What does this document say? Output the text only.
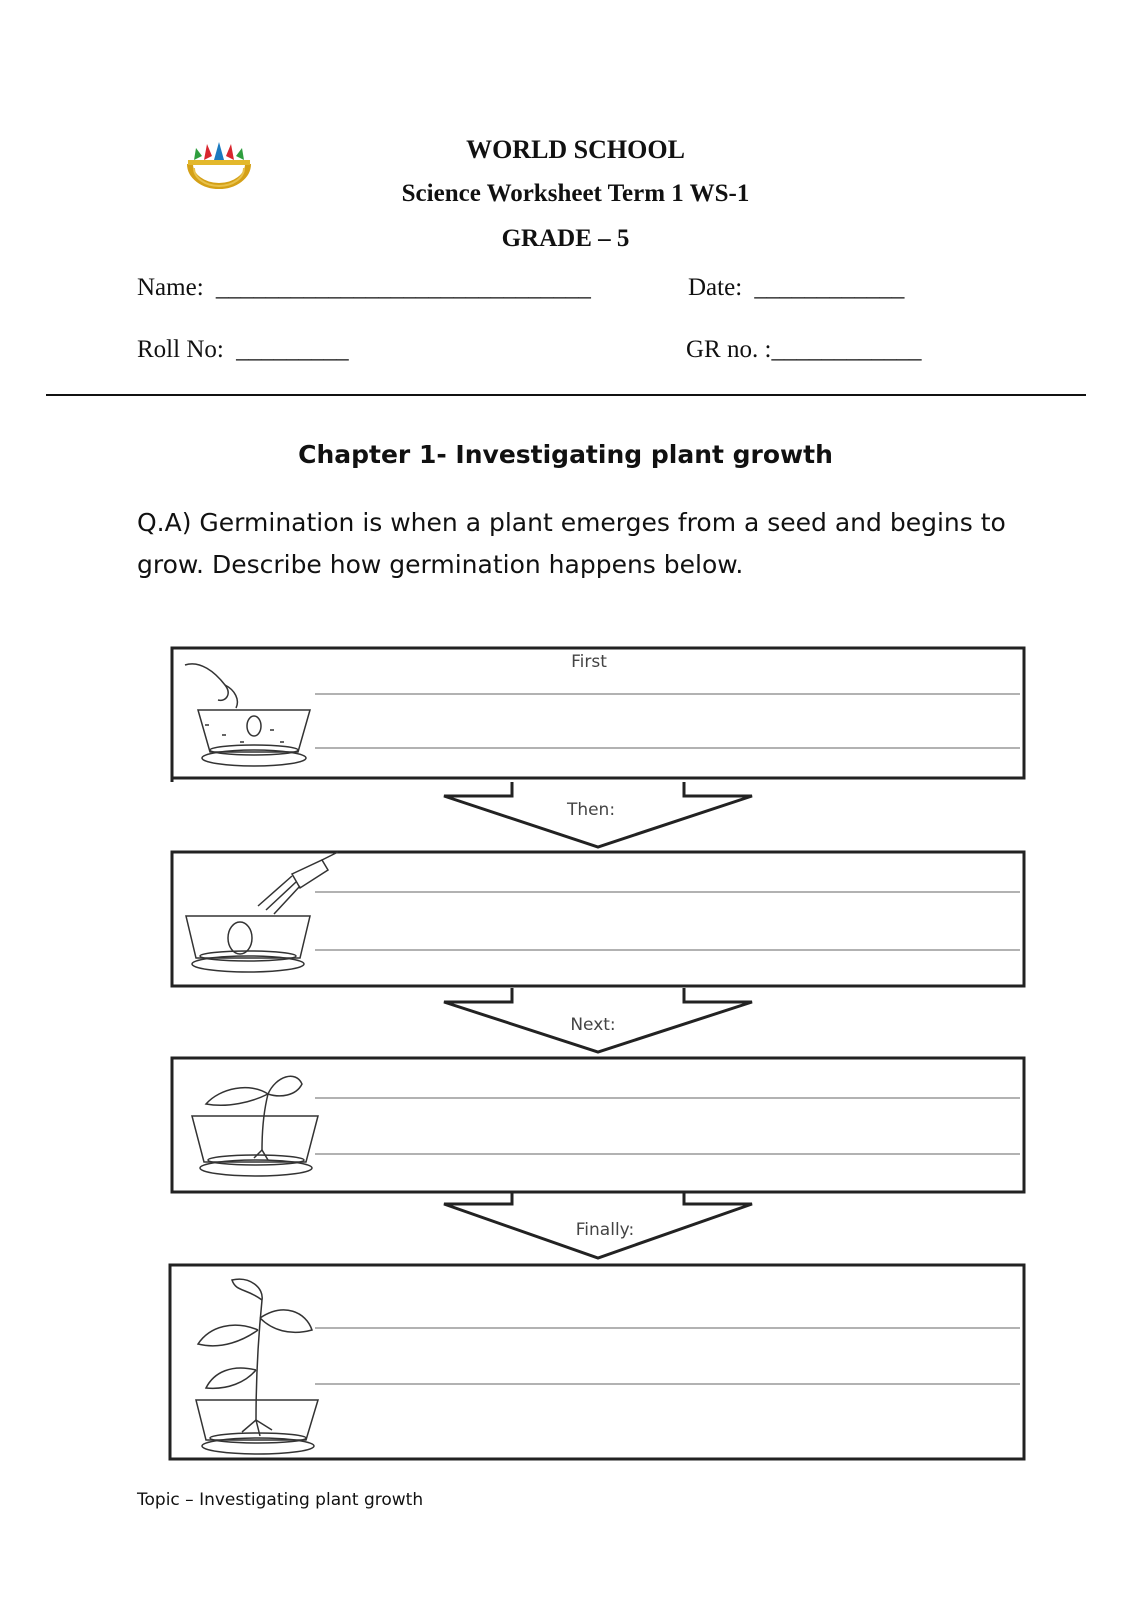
WORLD SCHOOL
Science Worksheet Term 1 WS-1
GRADE – 5
Name: ______________________________	Date: ____________
Roll No: _________	GR no. :____________
Chapter 1- Investigating plant growth
Q.A) Germination is when a plant emerges from a seed and begins to grow. Describe how germination happens below.
First
Then:
Next:
Finally:
Topic – Investigating plant growth
